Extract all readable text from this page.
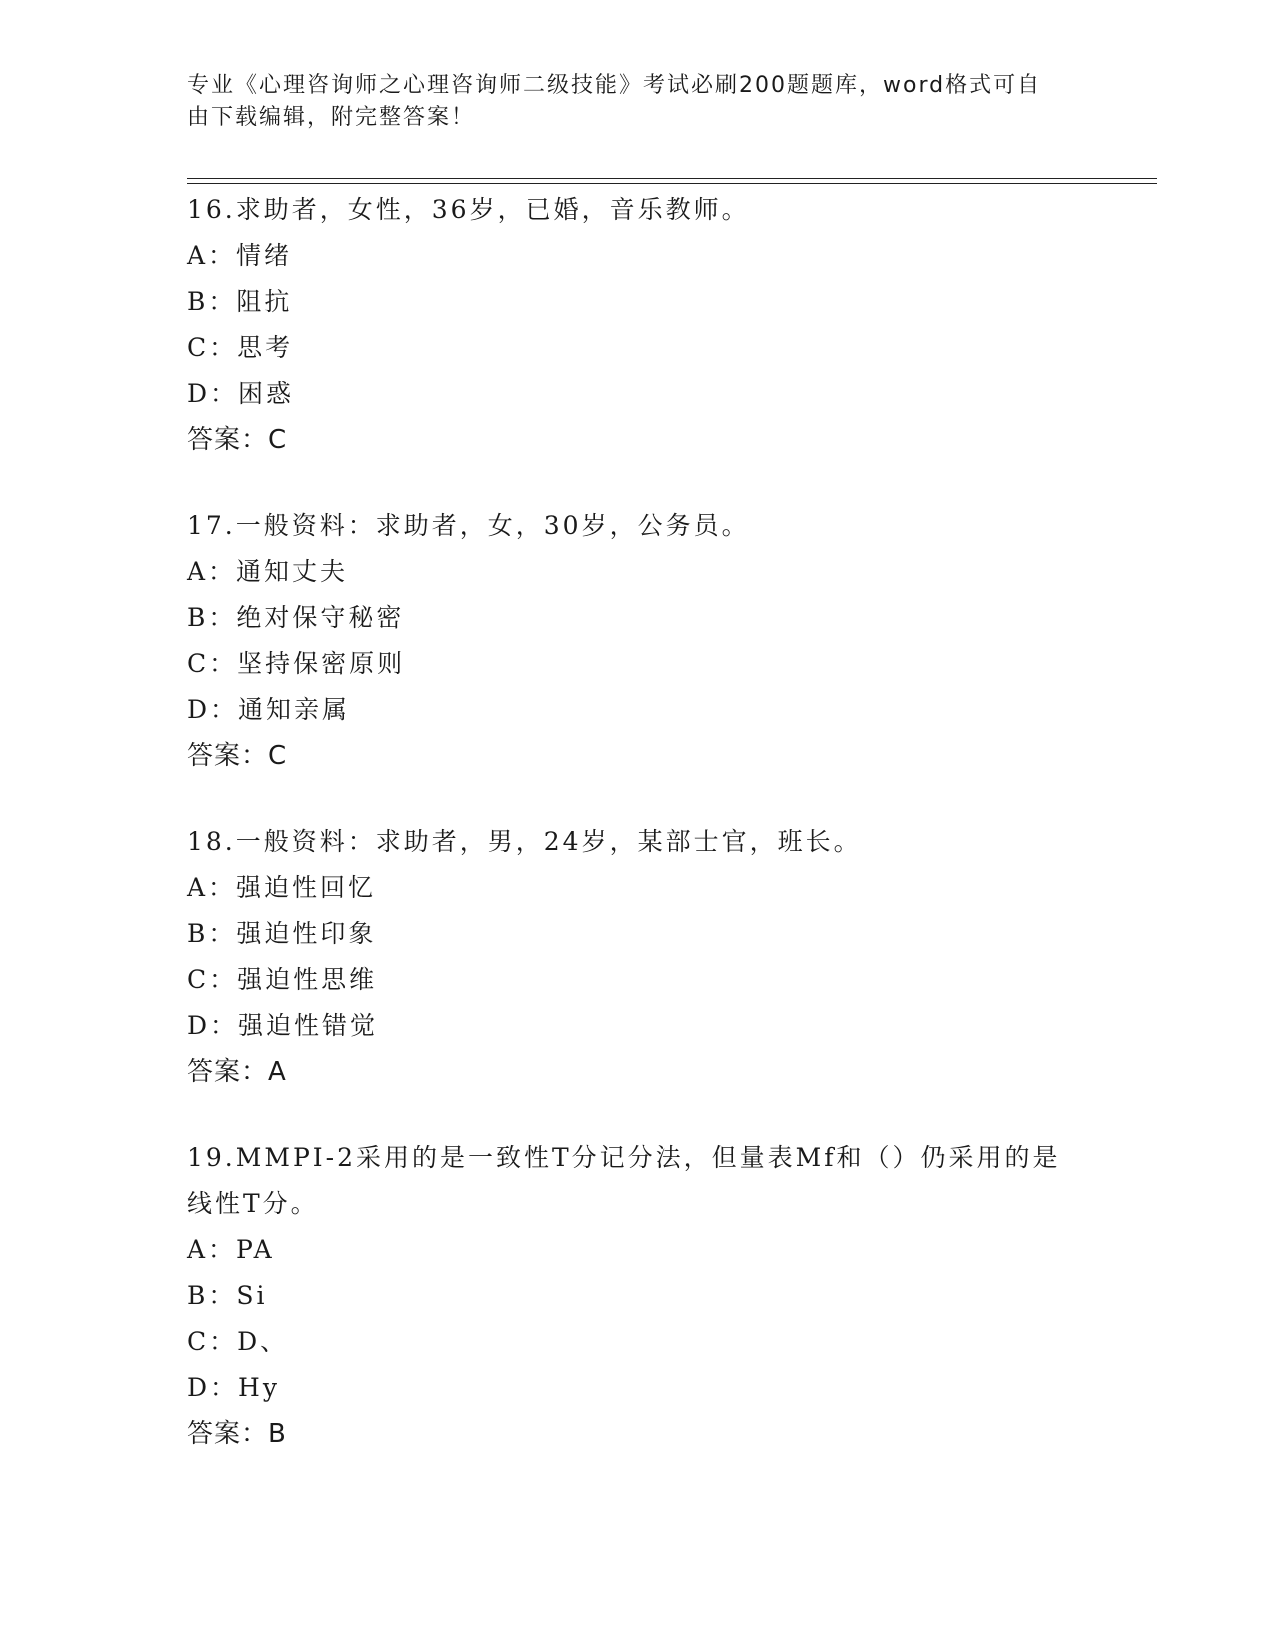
专业《心理咨询师之心理咨询师二级技能》考试必刷200题题库，word格式可自
由下载编辑，附完整答案！

16.求助者，女性，36岁，已婚，音乐教师。

A：情绪

B：阻抗

C：思考

D：困惑

答案：C

17.一般资料：求助者，女，30岁，公务员。

A：通知丈夫

B：绝对保守秘密

C：坚持保密原则

D：通知亲属

答案：C

18.一般资料：求助者，男，24岁，某部士官，班长。

A：强迫性回忆

B：强迫性印象

C：强迫性思维

D：强迫性错觉

答案：A

19.MMPI-2采用的是一致性T分记分法，但量表Mf和（）仍采用的是线性T分。

A：PA

B：Si

C：D、

D：Hy

答案：B
